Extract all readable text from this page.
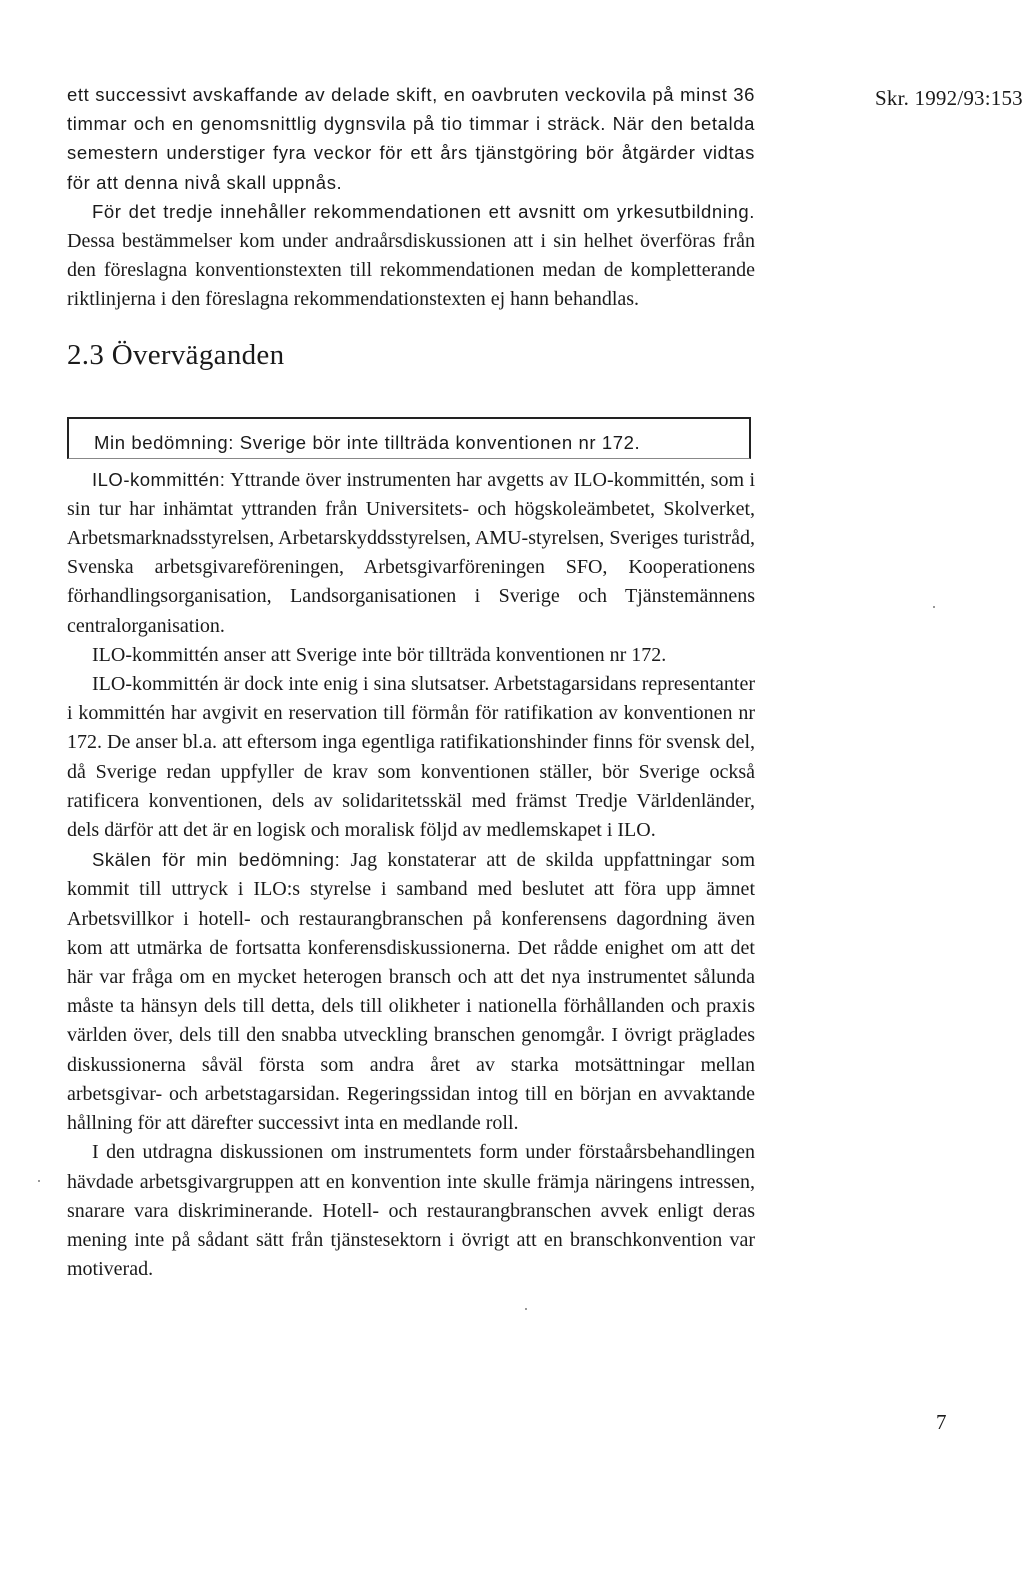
Skr. 1992/93:153

ett successivt avskaffande av delade skift, en oavbruten veckovila på minst 36 timmar och en genomsnittlig dygnsvila på tio timmar i sträck. När den betalda semestern understiger fyra veckor för ett års tjänstgöring bör åtgärder vidtas för att denna nivå skall uppnås.

För det tredje innehåller rekommendationen ett avsnitt om yrkesutbildning. Dessa bestämmelser kom under andraårsdiskussionen att i sin helhet överföras från den föreslagna konventionstexten till rekommendationen medan de kompletterande riktlinjerna i den föreslagna rekommendationstexten ej hann behandlas.

2.3 Överväganden
Min bedömning: Sverige bör inte tillträda konventionen nr 172.

ILO-kommittén: Yttrande över instrumenten har avgetts av ILO-kommittén, som i sin tur har inhämtat yttranden från Universitets- och högskoleämbetet, Skolverket, Arbetsmarknadsstyrelsen, Arbetarskyddsstyrelsen, AMU-styrelsen, Sveriges turistråd, Svenska arbetsgivareföreningen, Arbetsgivarföreningen SFO, Kooperationens förhandlingsorganisation, Landsorganisationen i Sverige och Tjänstemännens centralorganisation.

ILO-kommittén anser att Sverige inte bör tillträda konventionen nr 172.

ILO-kommittén är dock inte enig i sina slutsatser. Arbetstagarsidans representanter i kommittén har avgivit en reservation till förmån för ratifikation av konventionen nr 172. De anser bl.a. att eftersom inga egentliga ratifikationshinder finns för svensk del, då Sverige redan uppfyller de krav som konventionen ställer, bör Sverige också ratificera konventionen, dels av solidaritetsskäl med främst Tredje Världenländer, dels därför att det är en logisk och moralisk följd av medlemskapet i ILO.

Skälen för min bedömning: Jag konstaterar att de skilda uppfattningar som kommit till uttryck i ILO:s styrelse i samband med beslutet att föra upp ämnet Arbetsvillkor i hotell- och restaurangbranschen på konferensens dagordning även kom att utmärka de fortsatta konferensdiskussionerna. Det rådde enighet om att det här var fråga om en mycket heterogen bransch och att det nya instrumentet sålunda måste ta hänsyn dels till detta, dels till olikheter i nationella förhållanden och praxis världen över, dels till den snabba utveckling branschen genomgår. I övrigt präglades diskussionerna såväl första som andra året av starka motsättningar mellan arbetsgivar- och arbetstagarsidan. Regeringssidan intog till en början en avvaktande hållning för att därefter successivt inta en medlande roll.

I den utdragna diskussionen om instrumentets form under förstaårsbehandlingen hävdade arbetsgivargruppen att en konvention inte skulle främja näringens intressen, snarare vara diskriminerande. Hotell- och restaurangbranschen avvek enligt deras mening inte på sådant sätt från tjänstesektorn i övrigt att en branschkonvention var motiverad.

7
